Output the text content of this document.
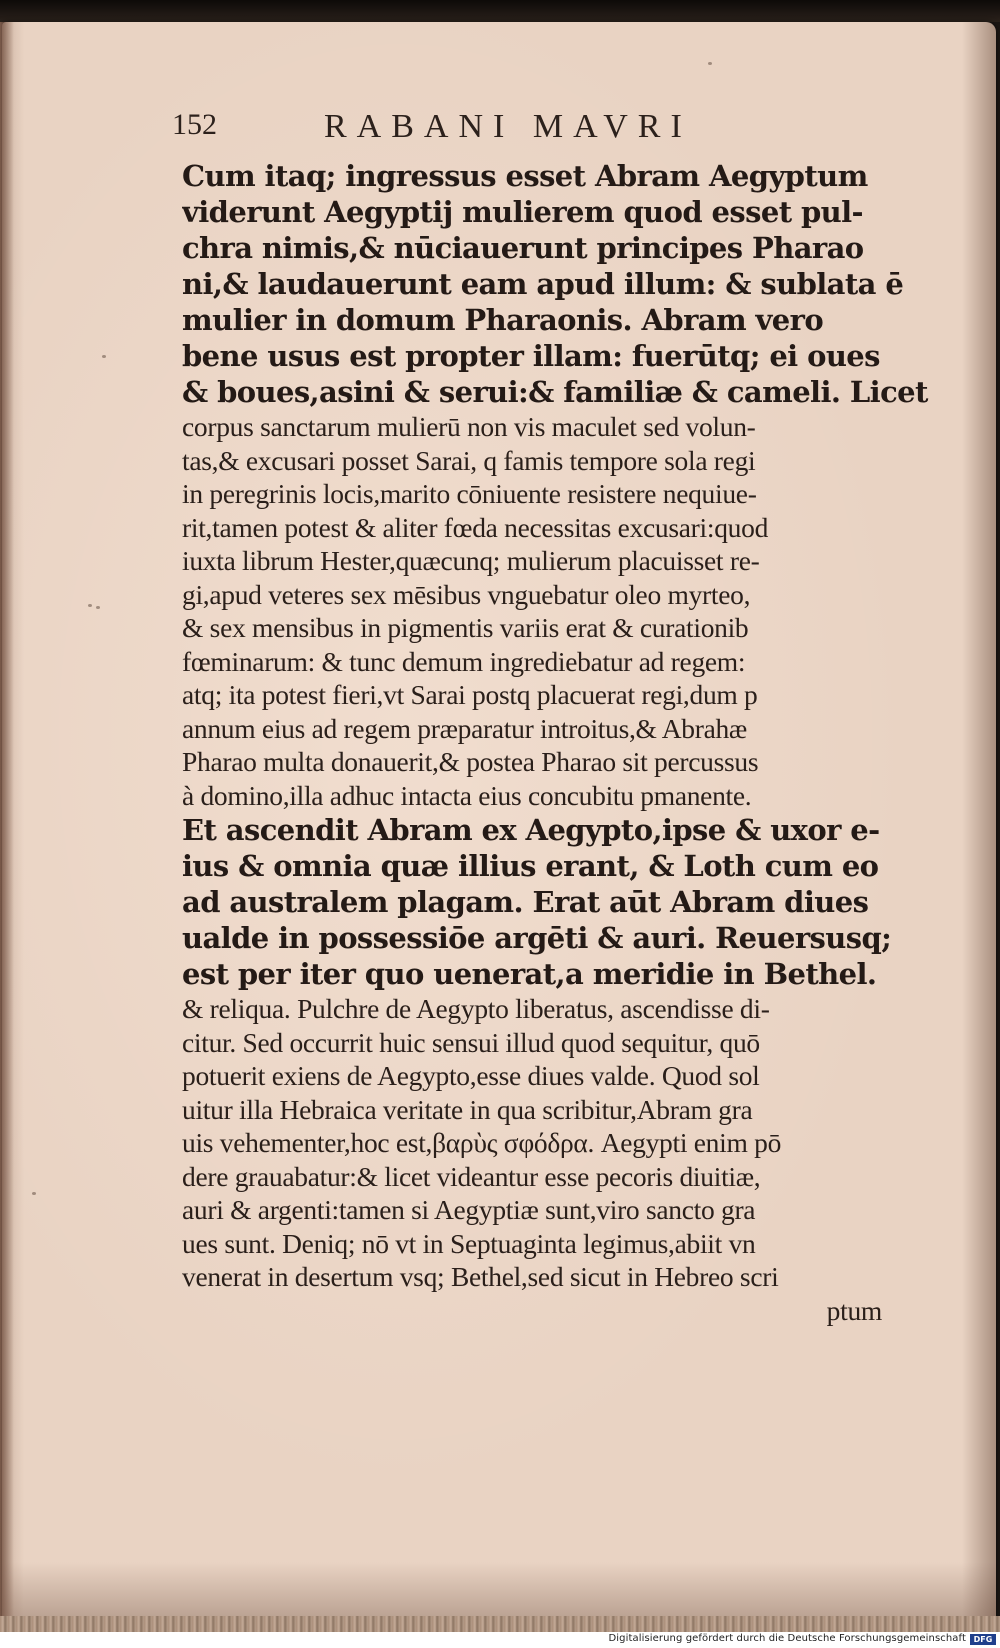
152	RABANI MAVRI
Cum itaq; ingressus esset Abram Aegyptum
viderunt Aegyptij mulierem quod esset pul-
chra nimis,& nūciauerunt principes Pharao
ni,& laudauerunt eam apud illum: & sublata ē
mulier in domum Pharaonis. Abram vero
bene usus est propter illam: fuerūtq; ei oues
& boues,asini & serui:& familiæ & cameli. Licet
corpus sanctarum mulierū non vis maculet sed volun-
tas,& excusari posset Sarai, q famis tempore sola regi
in peregrinis locis,marito cōniuente resistere nequiue-
rit,tamen potest & aliter fœda necessitas excusari:quod
iuxta librum Hester,quæcunq; mulierum placuisset re-
gi,apud veteres sex mēsibus vnguebatur oleo myrteo,
& sex mensibus in pigmentis variis erat & curationib
fœminarum: & tunc demum ingrediebatur ad regem:
atq; ita potest fieri,vt Sarai postq placuerat regi,dum p
annum eius ad regem præparatur introitus,& Abrahæ
Pharao multa donauerit,& postea Pharao sit percussus
à domino,illa adhuc intacta eius concubitu pmanente.
Et ascendit Abram ex Aegypto,ipse & uxor e-
ius & omnia quæ illius erant, & Loth cum eo
ad australem plagam. Erat aūt Abram diues
ualde in possessiōe argēti & auri. Reuersusq;
est per iter quo uenerat,a meridie in Bethel.
& reliqua. Pulchre de Aegypto liberatus, ascendisse di-
citur. Sed occurrit huic sensui illud quod sequitur, quō
potuerit exiens de Aegypto,esse diues valde. Quod sol
uitur illa Hebraica veritate in qua scribitur,Abram gra
uis vehementer,hoc est,βαρὺς σφόδρα. Aegypti enim pō
dere grauabatur:& licet videantur esse pecoris diuitiæ,
auri & argenti:tamen si Aegyptiæ sunt,viro sancto gra
ues sunt. Deniq; nō vt in Septuaginta legimus,abiit vn
venerat in desertum vsq; Bethel,sed sicut in Hebreo scri
ptum
Digitalisierung gefördert durch die Deutsche Forschungsgemeinschaft DFG
